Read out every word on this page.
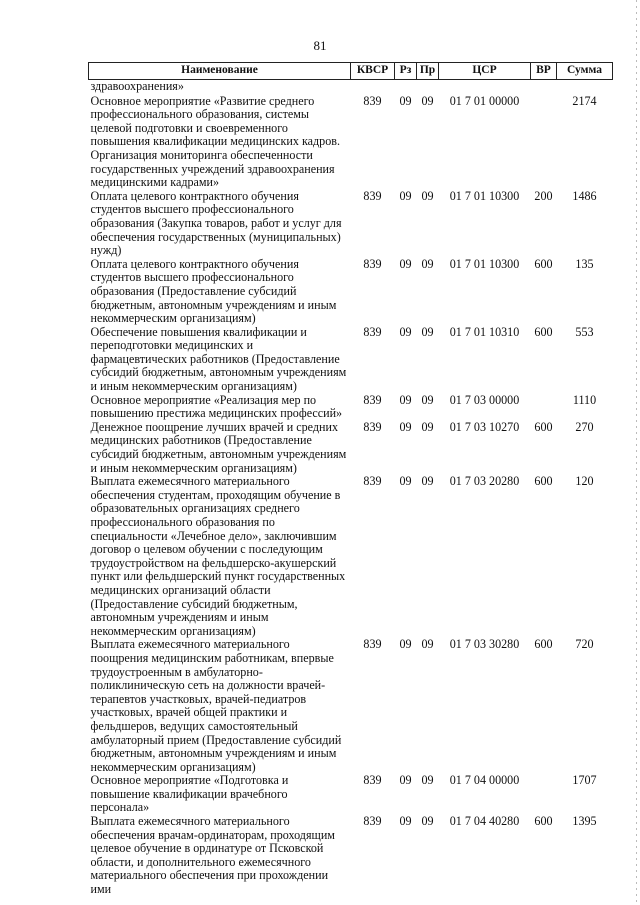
81
Наименование	КВСР	Рз	Пр	ЦСР	ВР	Сумма
здравоохранения»						
Основное мероприятие «Развитие среднего профессионального образования, системы целевой подготовки и своевременного повышения квалификации медицинских кадров. Организация мониторинга обеспеченности государственных учреждений здравоохранения медицинскими кадрами»	839	09	09	01 7 01 00000		2174
Оплата целевого контрактного обучения студентов высшего профессионального образования (Закупка товаров, работ и услуг для обеспечения государственных (муниципальных) нужд)	839	09	09	01 7 01 10300	200	1486
Оплата целевого контрактного обучения студентов высшего профессионального образования (Предоставление субсидий бюджетным, автономным учреждениям и иным некоммерческим организациям)	839	09	09	01 7 01 10300	600	135
Обеспечение повышения квалификации и переподготовки медицинских и фармацевтических работников (Предоставление субсидий бюджетным, автономным учреждениям и иным некоммерческим организациям)	839	09	09	01 7 01 10310	600	553
Основное мероприятие «Реализация мер по повышению престижа медицинских профессий»	839	09	09	01 7 03 00000		1110
Денежное поощрение лучших врачей и средних медицинских работников (Предоставление субсидий бюджетным, автономным учреждениям и иным некоммерческим организациям)	839	09	09	01 7 03 10270	600	270
Выплата ежемесячного материального обеспечения студентам, проходящим обучение в образовательных организациях среднего профессионального образования по специальности «Лечебное дело», заключившим договор о целевом обучении с последующим трудоустройством на фельдшерско-акушерский пункт или фельдшерский пункт государственных медицинских организаций области (Предоставление субсидий бюджетным, автономным учреждениям и иным некоммерческим организациям)	839	09	09	01 7 03 20280	600	120
Выплата ежемесячного материального поощрения медицинским работникам, впервые трудоустроенным в амбулаторно-поликлиническую сеть на должности врачей-терапевтов участковых, врачей-педиатров участковых, врачей общей практики и фельдшеров, ведущих самостоятельный амбулаторный прием (Предоставление субсидий бюджетным, автономным учреждениям и иным некоммерческим организациям)	839	09	09	01 7 03 30280	600	720
Основное мероприятие «Подготовка и повышение квалификации врачебного персонала»	839	09	09	01 7 04 00000		1707
Выплата ежемесячного материального обеспечения врачам-ординаторам, проходящим целевое обучение в ординатуре от Псковской области, и дополнительного ежемесячного материального обеспечения при прохождении ими	839	09	09	01 7 04 40280	600	1395
